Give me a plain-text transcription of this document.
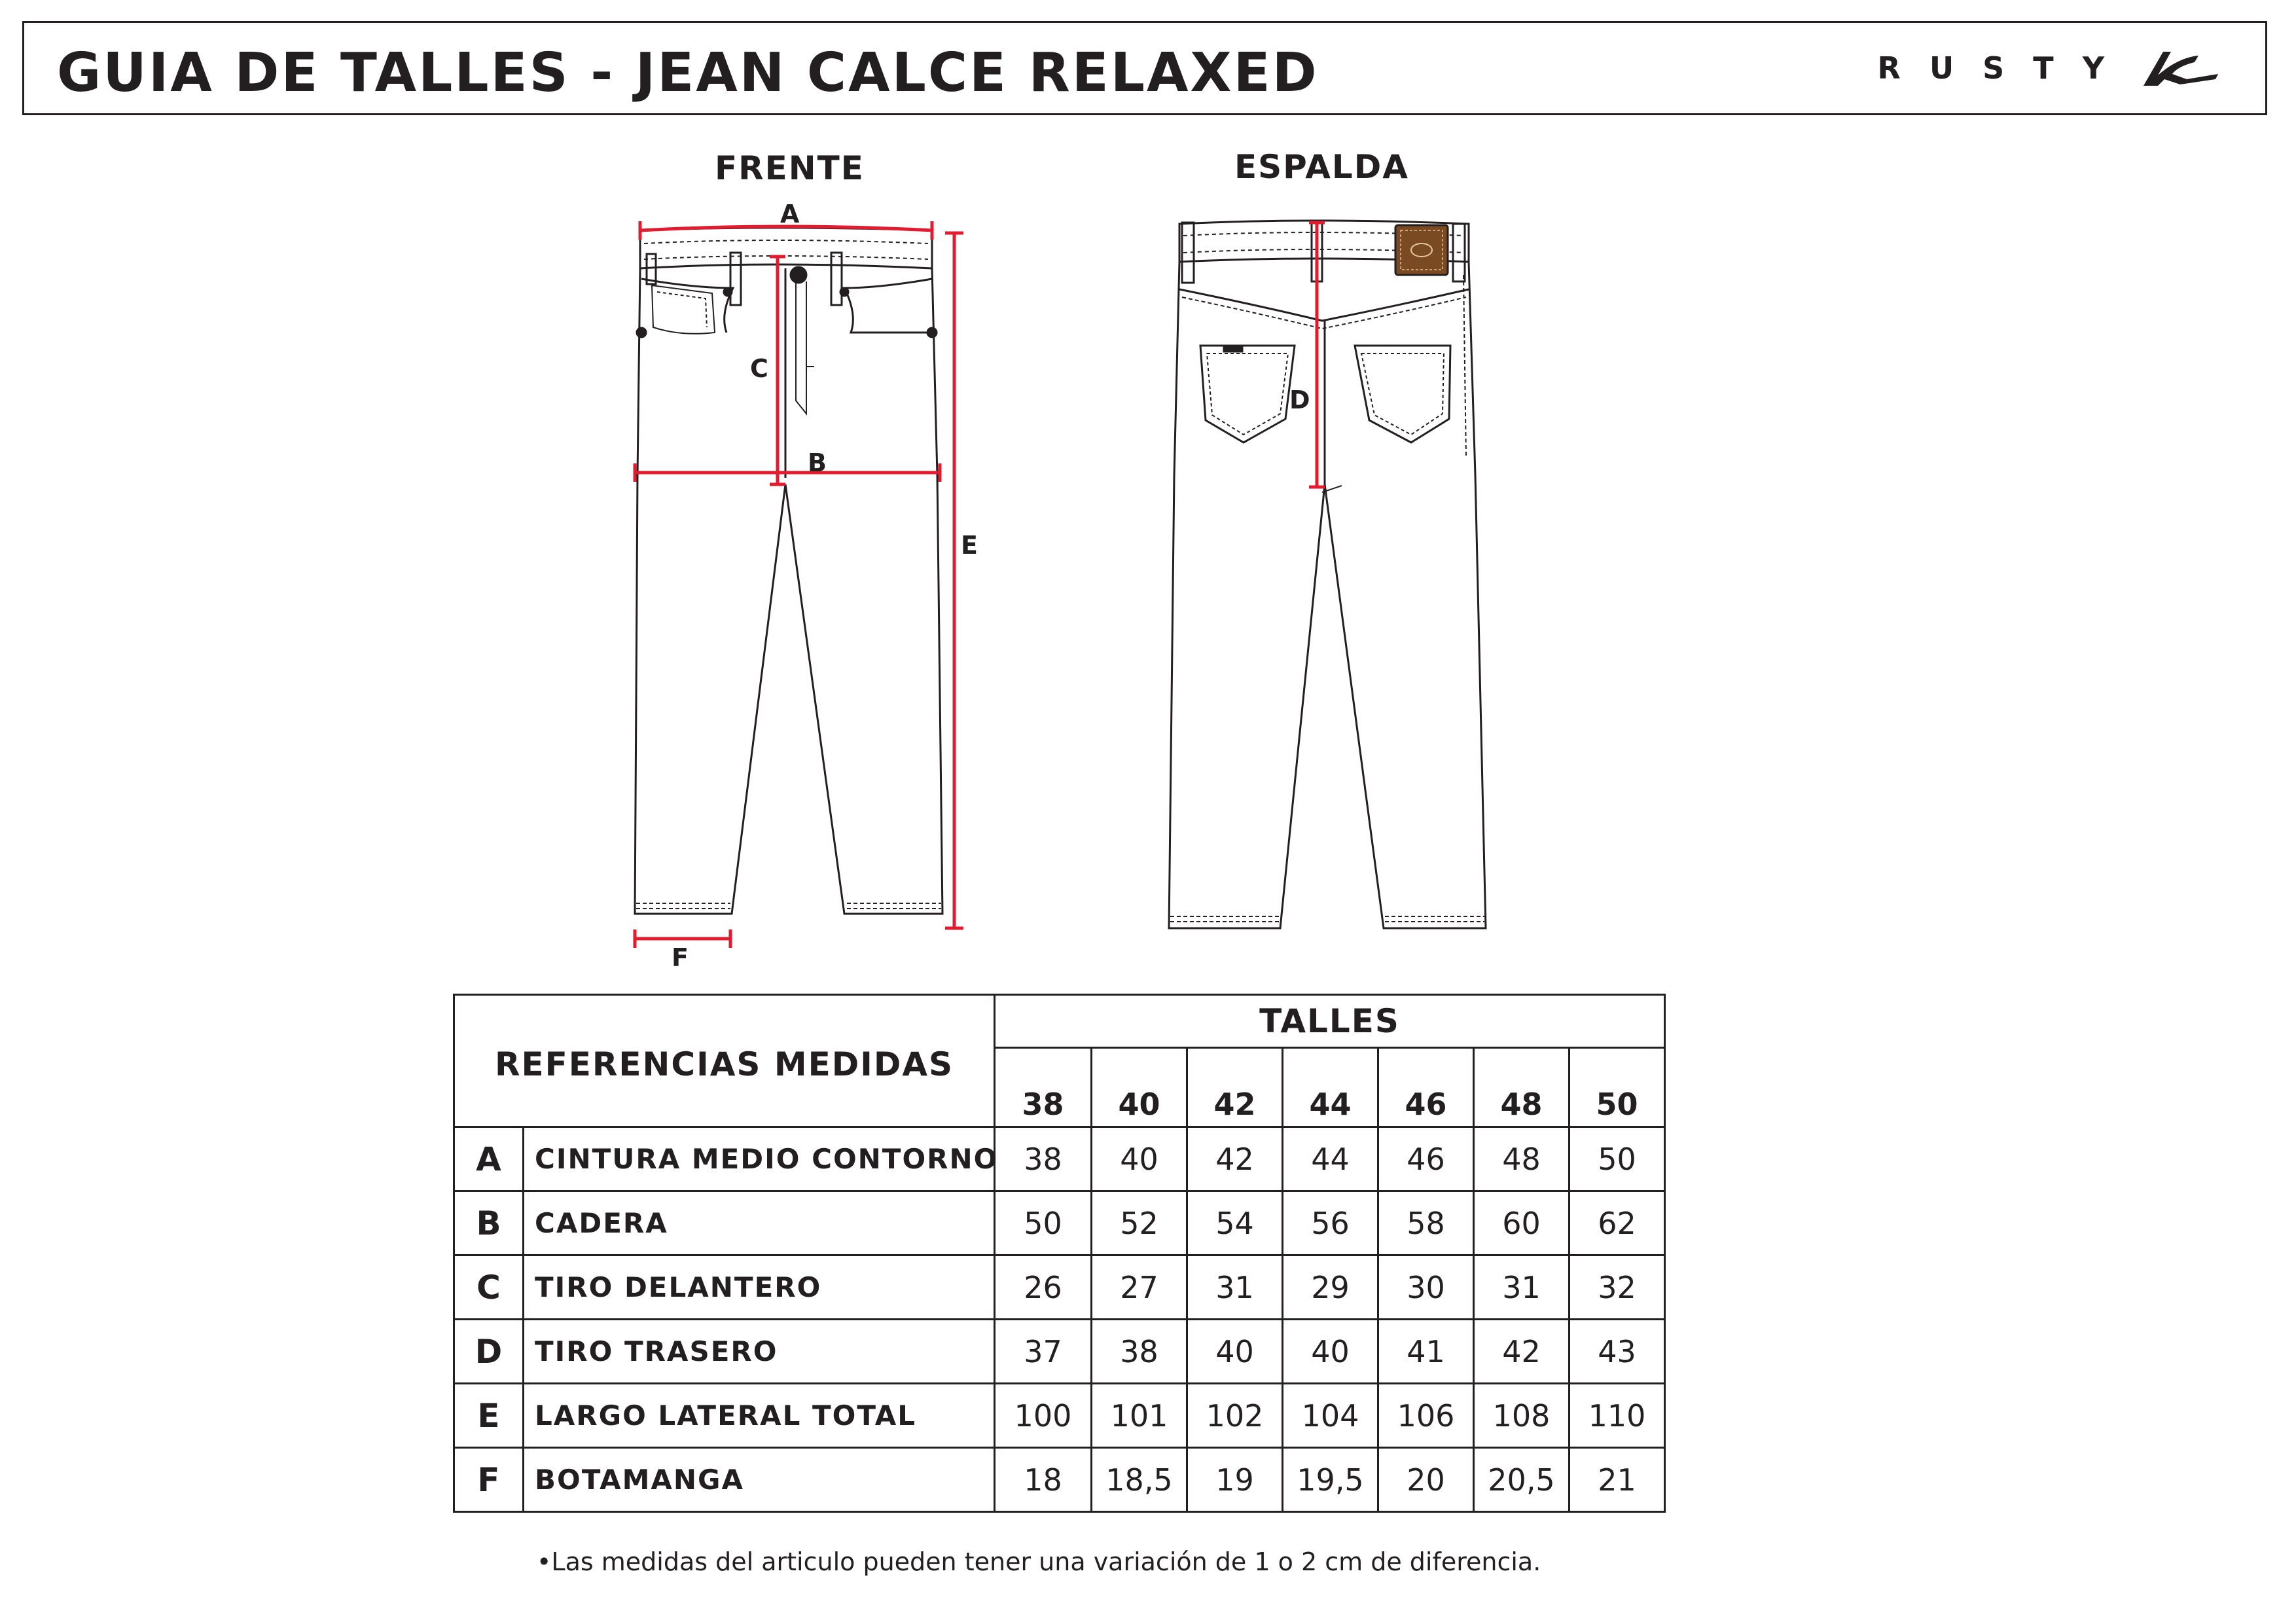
GUIA DE TALLES - JEAN CALCE RELAXED	RUSTY
FRENTE	ESPALDA
A
B
C
D
E
F
REFERENCIAS MEDIDAS		TALLES						
		38	40	42	44	46	48	50
A	CINTURA MEDIO CONTORNO	38	40	42	44	46	48	50
B	CADERA	50	52	54	56	58	60	62
C	TIRO DELANTERO	26	27	31	29	30	31	32
D	TIRO TRASERO	37	38	40	40	41	42	43
E	LARGO LATERAL TOTAL	100	101	102	104	106	108	110
F	BOTAMANGA	18	18,5	19	19,5	20	20,5	21
•Las medidas del articulo pueden tener una variación de 1 o 2 cm de diferencia.
